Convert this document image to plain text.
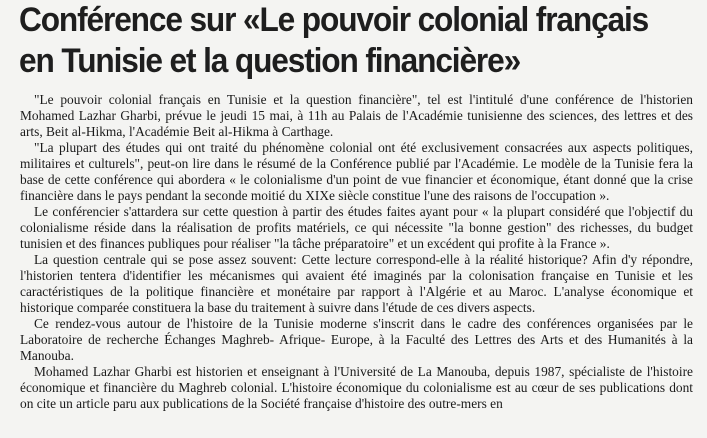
Conférence sur «Le pouvoir colonial français
en Tunisie et la question financière»

"Le pouvoir colonial français en Tunisie et la question financière", tel est l'intitulé d'une conférence de l'historien Mohamed Lazhar Gharbi, prévue le jeudi 15 mai, à 11h au Palais de l'Académie tunisienne des sciences, des lettres et des arts, Beit al-Hikma, l'Académie Beit al-Hikma à Carthage.

"La plupart des études qui ont traité du phénomène colonial ont été exclusivement consacrées aux aspects politiques, militaires et culturels", peut-on lire dans le résumé de la Conférence publié par l'Académie. Le modèle de la Tunisie fera la base de cette conférence qui abordera « le colonialisme d'un point de vue financier et économique, étant donné que la crise financière dans le pays pendant la seconde moitié du XIXe siècle constitue l'une des raisons de l'occupation ».

Le conférencier s'attardera sur cette question à partir des études faites ayant pour « la plupart considéré que l'objectif du colonialisme réside dans la réalisation de profits matériels, ce qui nécessite "la bonne gestion" des richesses, du budget tunisien et des finances publiques pour réaliser "la tâche préparatoire" et un excédent qui profite à la France ».

La question centrale qui se pose assez souvent: Cette lecture correspond-elle à la réalité historique? Afin d'y répondre, l'historien tentera d'identifier les mécanismes qui avaient été imaginés par la colonisation française en Tunisie et les caractéristiques de la politique financière et monétaire par rapport à l'Algérie et au Maroc. L'analyse économique et historique comparée constituera la base du traitement à suivre dans l'étude de ces divers aspects.

Ce rendez-vous autour de l'histoire de la Tunisie moderne s'inscrit dans le cadre des conférences organisées par le Laboratoire de recherche Échanges Maghreb- Afrique- Europe, à la Faculté des Lettres des Arts et des Humanités à la Manouba.

Mohamed Lazhar Gharbi est historien et enseignant à l'Université de La Manouba, depuis 1987, spécialiste de l'histoire économique et financière du Maghreb colonial. L'histoire économique du colonialisme est au cœur de ses publications dont on cite un article paru aux publications de la Société française d'histoire des outre-mers en
